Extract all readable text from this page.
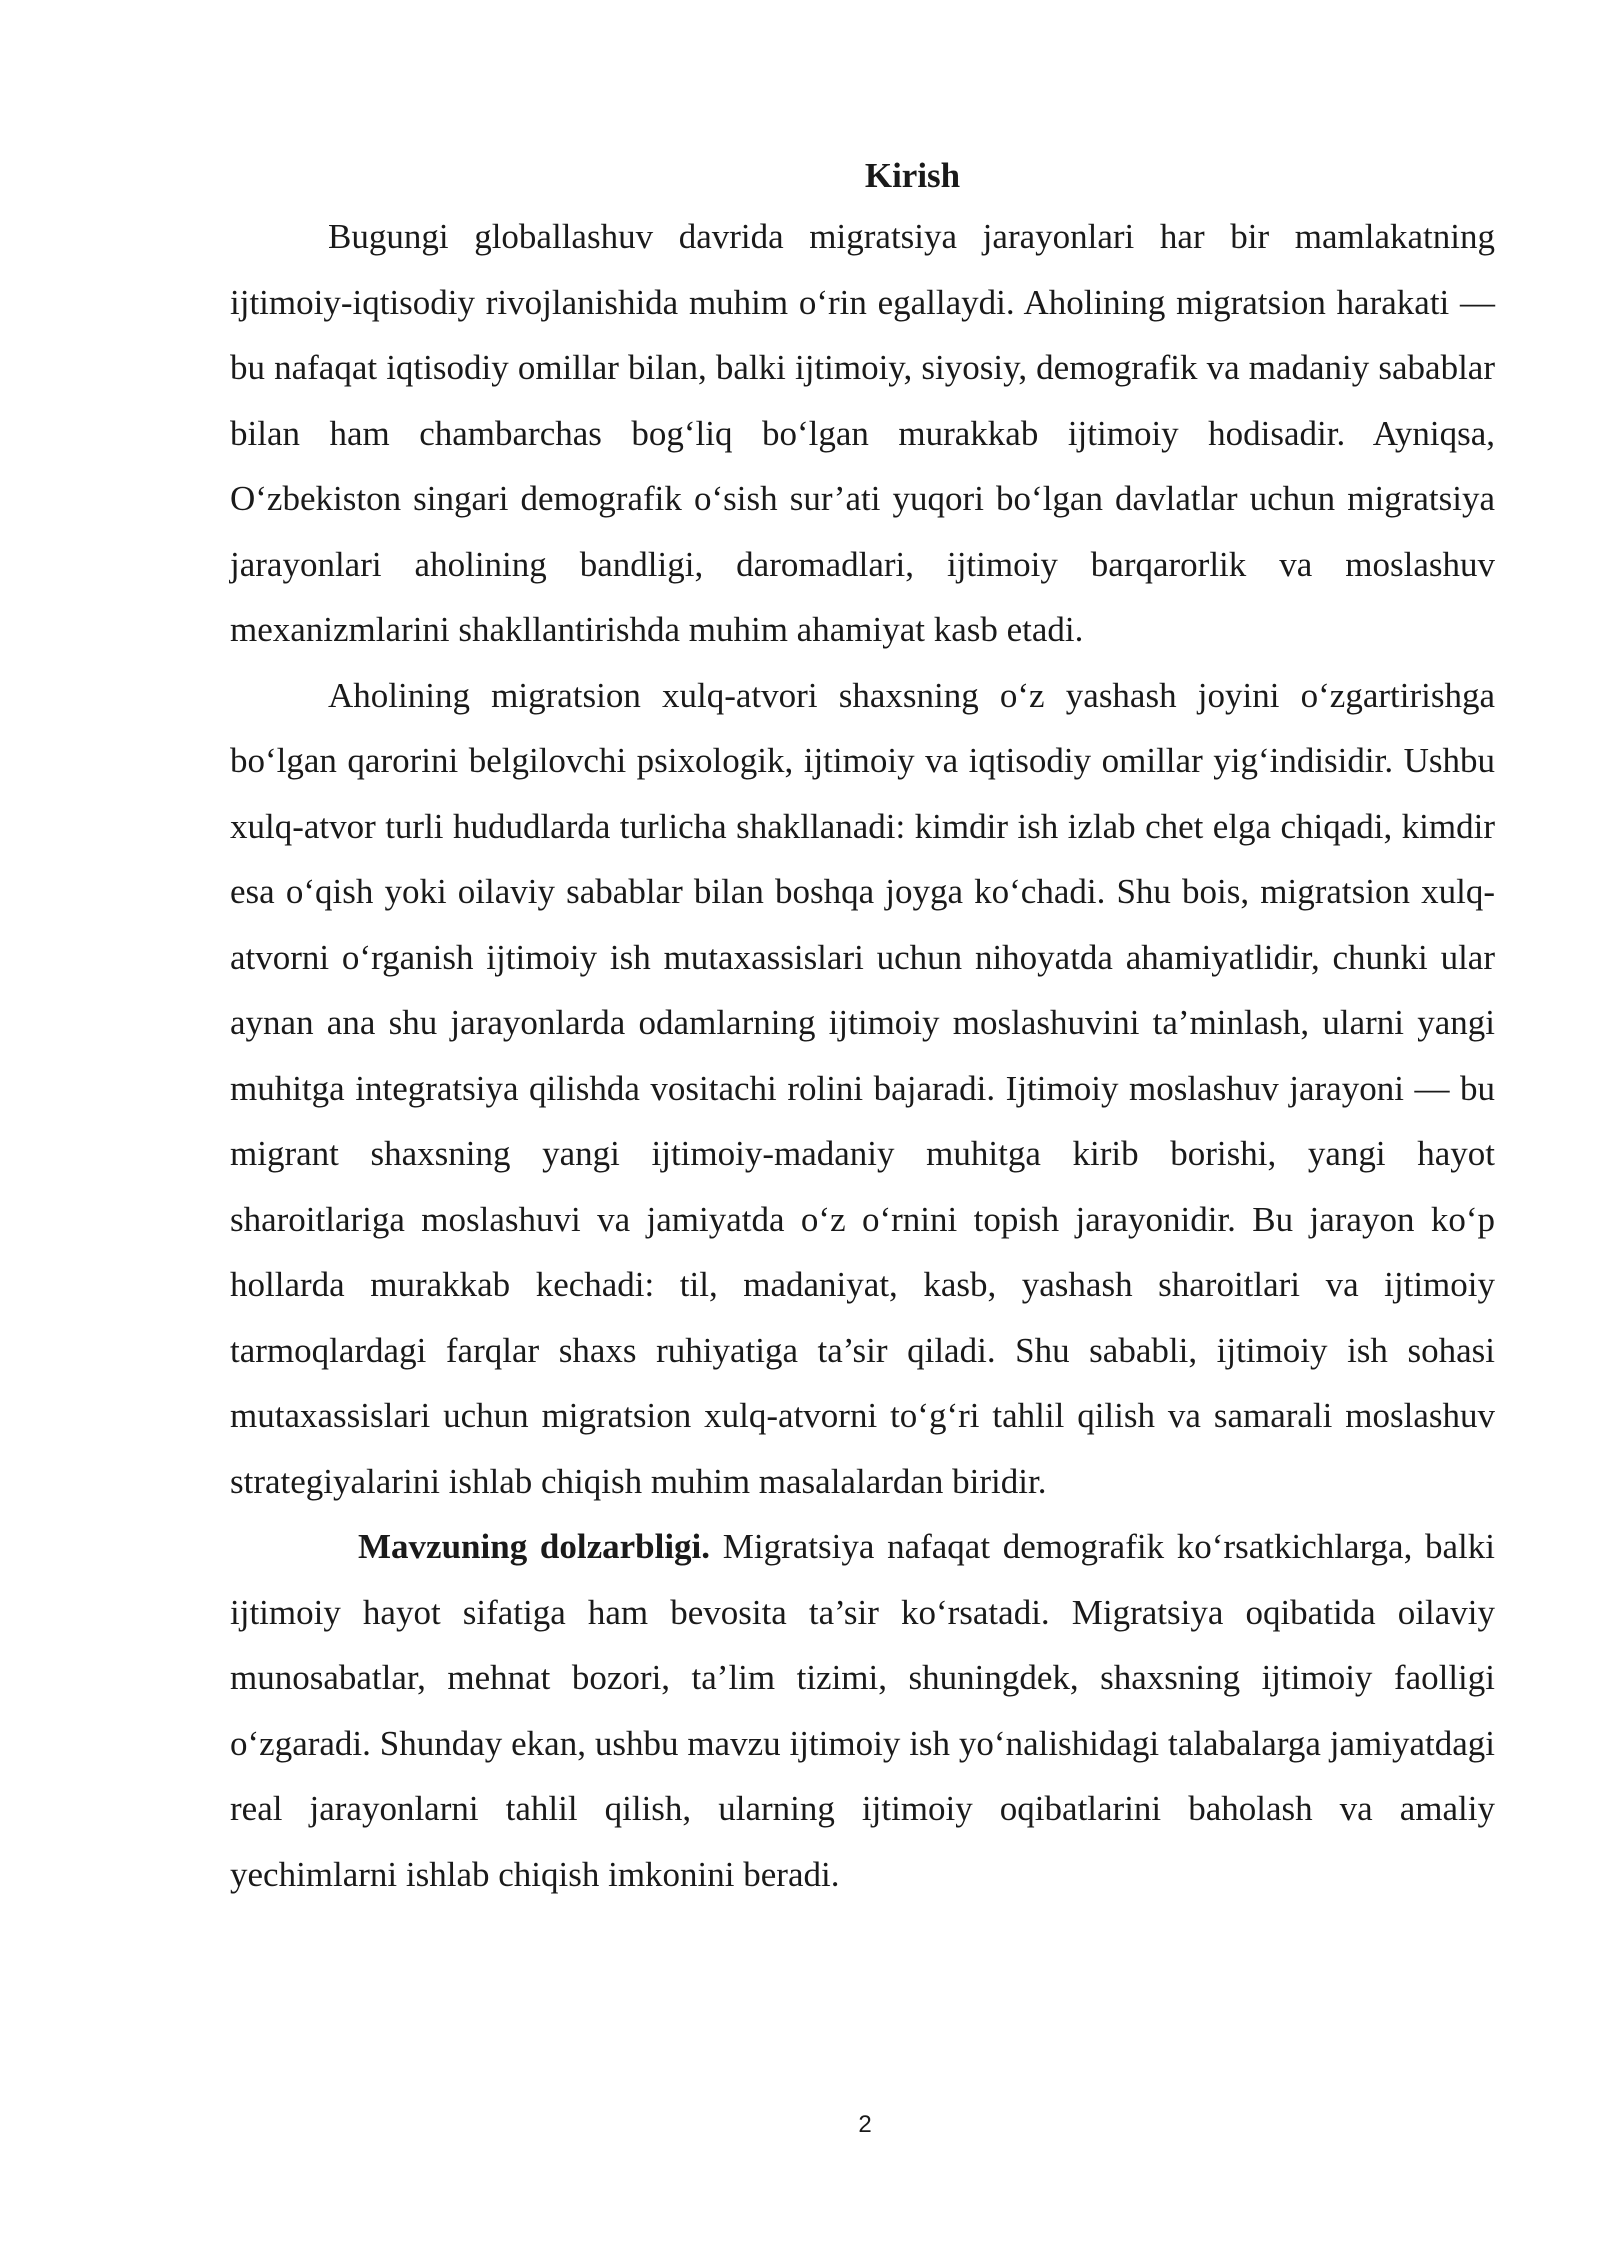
Kirish

Bugungi globallashuv davrida migratsiya jarayonlari har bir mamlakatning ijtimoiy-iqtisodiy rivojlanishida muhim o‘rin egallaydi. Aholining migratsion harakati — bu nafaqat iqtisodiy omillar bilan, balki ijtimoiy, siyosiy, demografik va madaniy sabablar bilan ham chambarchas bog‘liq bo‘lgan murakkab ijtimoiy hodisadir. Ayniqsa, O‘zbekiston singari demografik o‘sish sur’ati yuqori bo‘lgan davlatlar uchun migratsiya jarayonlari aholining bandligi, daromadlari, ijtimoiy barqarorlik va moslashuv mexanizmlarini shakllantirishda muhim ahamiyat kasb etadi.

Aholining migratsion xulq-atvori shaxsning o‘z yashash joyini o‘zgartirishga bo‘lgan qarorini belgilovchi psixologik, ijtimoiy va iqtisodiy omillar yig‘indisidir. Ushbu xulq-atvor turli hududlarda turlicha shakllanadi: kimdir ish izlab chet elga chiqadi, kimdir esa o‘qish yoki oilaviy sabablar bilan boshqa joyga ko‘chadi. Shu bois, migratsion xulq-atvorni o‘rganish ijtimoiy ish mutaxassislari uchun nihoyatda ahamiyatlidir, chunki ular aynan ana shu jarayonlarda odamlarning ijtimoiy moslashuvini ta’minlash, ularni yangi muhitga integratsiya qilishda vositachi rolini bajaradi. Ijtimoiy moslashuv jarayoni — bu migrant shaxsning yangi ijtimoiy-madaniy muhitga kirib borishi, yangi hayot sharoitlariga moslashuvi va jamiyatda o‘z o‘rnini topish jarayonidir. Bu jarayon ko‘p hollarda murakkab kechadi: til, madaniyat, kasb, yashash sharoitlari va ijtimoiy tarmoqlardagi farqlar shaxs ruhiyatiga ta’sir qiladi. Shu sababli, ijtimoiy ish sohasi mutaxassislari uchun migratsion xulq-atvorni to‘g‘ri tahlil qilish va samarali moslashuv strategiyalarini ishlab chiqish muhim masalalardan biridir.

Mavzuning dolzarbligi. Migratsiya nafaqat demografik ko‘rsatkichlarga, balki ijtimoiy hayot sifatiga ham bevosita ta’sir ko‘rsatadi. Migratsiya oqibatida oilaviy munosabatlar, mehnat bozori, ta’lim tizimi, shuningdek, shaxsning ijtimoiy faolligi o‘zgaradi. Shunday ekan, ushbu mavzu ijtimoiy ish yo‘nalishidagi talabalarga jamiyatdagi real jarayonlarni tahlil qilish, ularning ijtimoiy oqibatlarini baholash va amaliy yechimlarni ishlab chiqish imkonini beradi.

2
